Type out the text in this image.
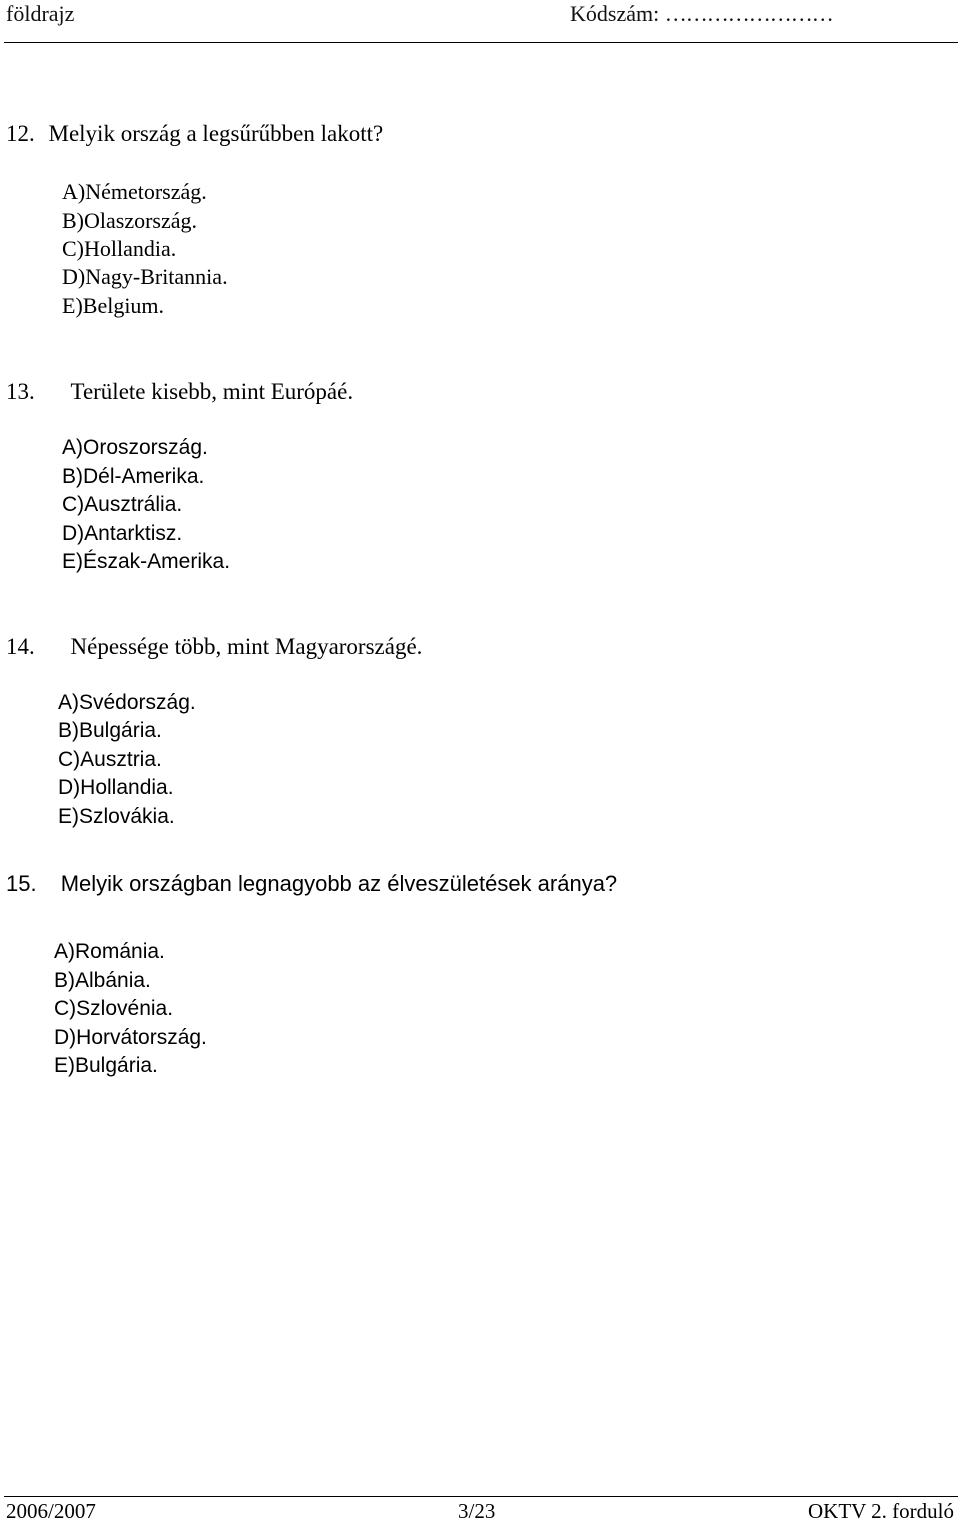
földrajz	Kódszám: ……………………
12. Melyik ország a legsűrűbben lakott?
A)Németország.
B)Olaszország.
C)Hollandia.
D)Nagy-Britannia.
E)Belgium.
13. Területe kisebb, mint Európáé.
A)Oroszország.
B)Dél-Amerika.
C)Ausztrália.
D)Antarktisz.
E)Észak-Amerika.
14. Népessége több, mint Magyarországé.
A)Svédország.
B)Bulgária.
C)Ausztria.
D)Hollandia.
E)Szlovákia.
15. Melyik országban legnagyobb az élveszületések aránya?
A)Románia.
B)Albánia.
C)Szlovénia.
D)Horvátország.
E)Bulgária.
2006/2007	3/23	OKTV 2. forduló
